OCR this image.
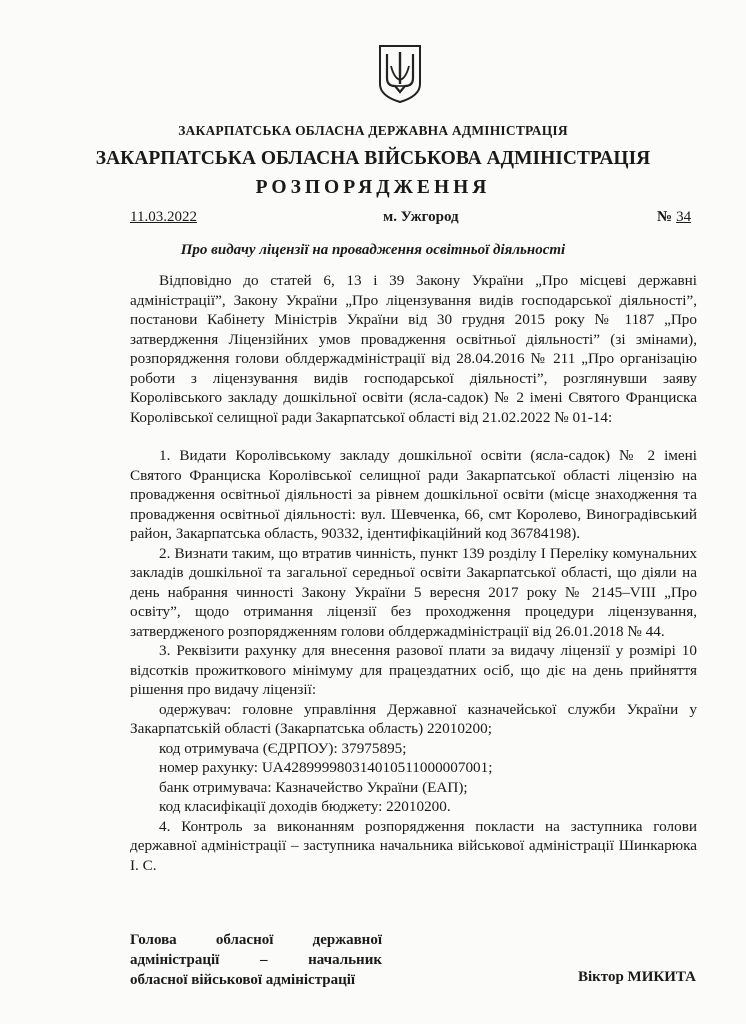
ЗАКАРПАТСЬКА ОБЛАСНА ДЕРЖАВНА АДМІНІСТРАЦІЯ
ЗАКАРПАТСЬКА ОБЛАСНА ВІЙСЬКОВА АДМІНІСТРАЦІЯ
РОЗПОРЯДЖЕННЯ
11.03.2022	м. Ужгород	№ 34
Про видачу ліцензії на провадження освітньої діяльності

Відповідно до статей 6, 13 і 39 Закону України „Про місцеві державні адміністрації”, Закону України „Про ліцензування видів господарської діяльності”, постанови Кабінету Міністрів України від 30 грудня 2015 року № 1187 „Про затвердження Ліцензійних умов провадження освітньої діяльності” (зі змінами), розпорядження голови облдержадміністрації від 28.04.2016 № 211 „Про організацію роботи з ліцензування видів господарської діяльності”, розглянувши заяву Королівського закладу дошкільної освіти (ясла-садок) № 2 імені Святого Франциска Королівської селищної ради Закарпатської області від 21.02.2022 № 01-14:

1. Видати Королівському закладу дошкільної освіти (ясла-садок) № 2 імені Святого Франциска Королівської селищної ради Закарпатської області ліцензію на провадження освітньої діяльності за рівнем дошкільної освіти (місце знаходження та провадження освітньої діяльності: вул. Шевченка, 66, смт Королево, Виноградівський район, Закарпатська область, 90332, ідентифікаційний код 36784198).

2. Визнати таким, що втратив чинність, пункт 139 розділу І Переліку комунальних закладів дошкільної та загальної середньої освіти Закарпатської області, що діяли на день набрання чинності Закону України 5 вересня 2017 року № 2145–VIII „Про освіту”, щодо отримання ліцензії без проходження процедури ліцензування, затвердженого розпорядженням голови облдержадміністрації від 26.01.2018 № 44.

3. Реквізити рахунку для внесення разової плати за видачу ліцензії у розмірі 10 відсотків прожиткового мінімуму для працездатних осіб, що діє на день прийняття рішення про видачу ліцензії:

одержувач: головне управління Державної казначейської служби України у Закарпатській області (Закарпатська область) 22010200;

код отримувача (ЄДРПОУ): 37975895;

номер рахунку: UA428999980314010511000007001;

банк отримувача: Казначейство України (ЕАП);

код класифікації доходів бюджету: 22010200.

4. Контроль за виконанням розпорядження покласти на заступника голови державної адміністрації – заступника начальника військової адміністрації Шинкарюка І. С.

Голова обласної державної
адміністрації – начальник
обласної військової адміністрації	Віктор МИКИТА
